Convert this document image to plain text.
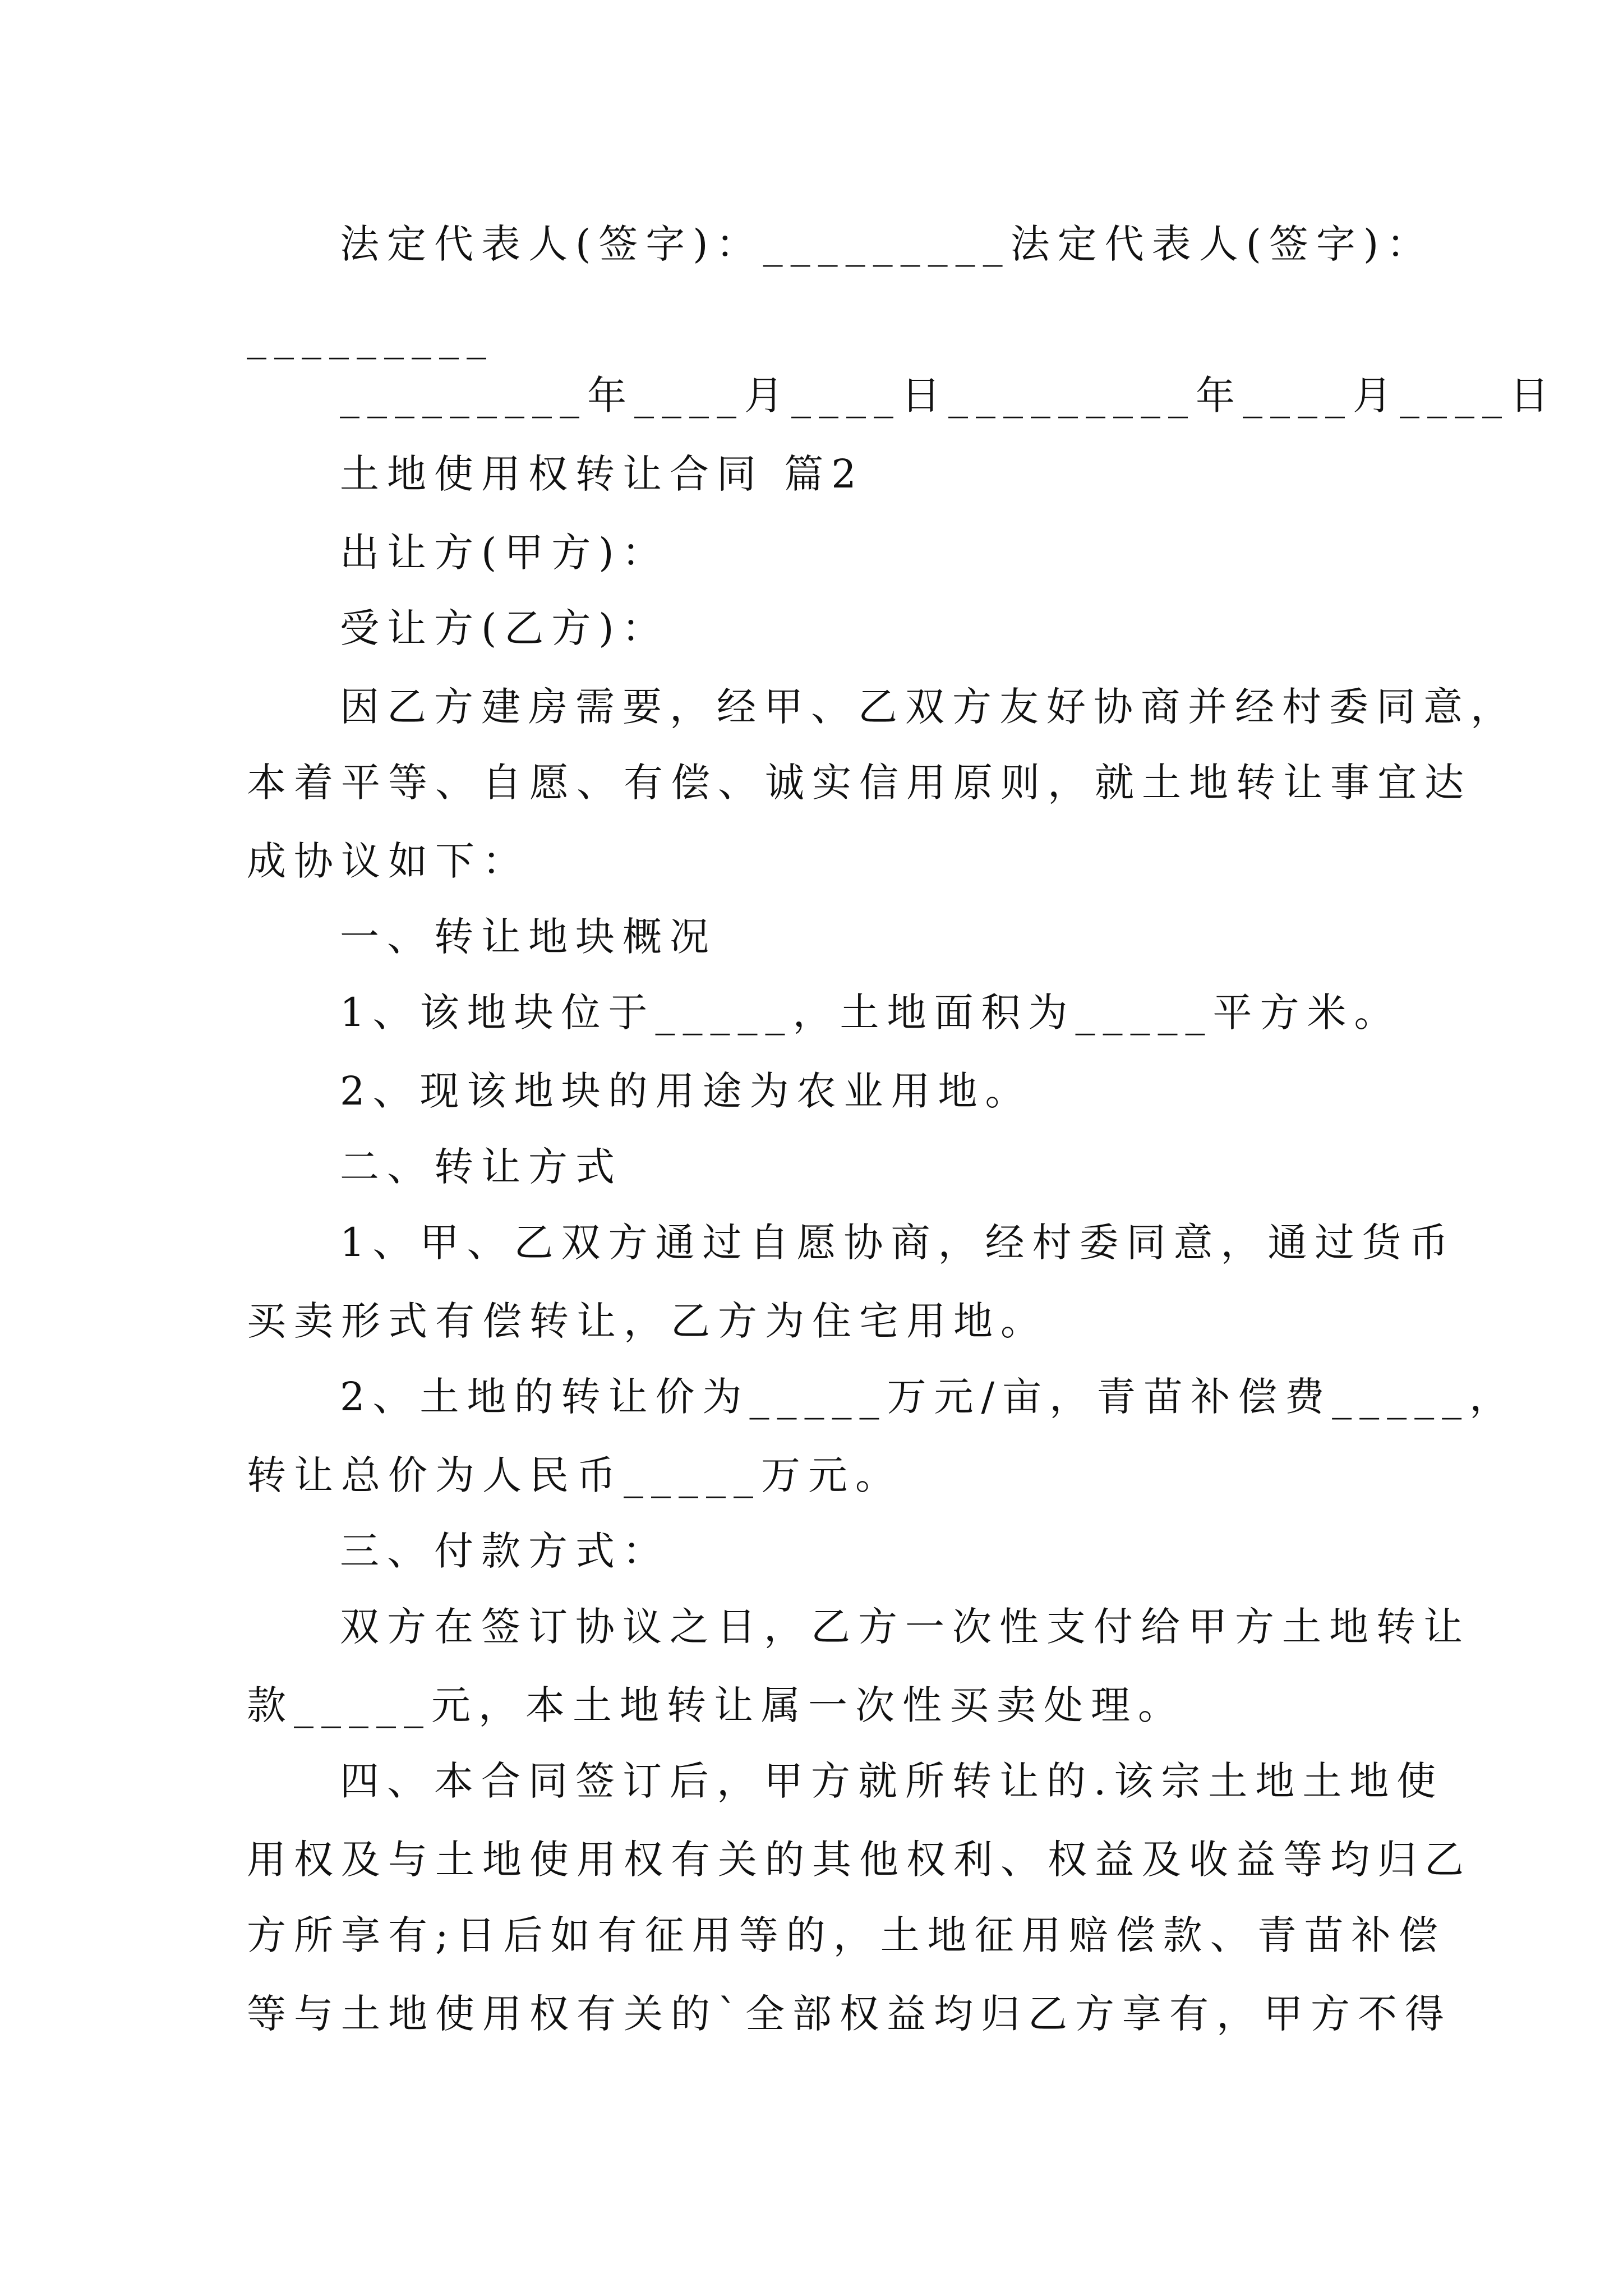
法定代表人(签字)：_________法定代表人(签字)：
_________
_________年____月____日_________年____月____日
土地使用权转让合同 篇2
出让方(甲方)：
受让方(乙方)：
因乙方建房需要，经甲、乙双方友好协商并经村委同意，
本着平等、自愿、有偿、诚实信用原则，就土地转让事宜达
成协议如下：
一、转让地块概况
1、该地块位于_____，土地面积为_____平方米。
2、现该地块的用途为农业用地。
二、转让方式
1、甲、乙双方通过自愿协商，经村委同意，通过货币
买卖形式有偿转让，乙方为住宅用地。
2、土地的转让价为_____万元/亩，青苗补偿费_____，
转让总价为人民币_____万元。
三、付款方式：
双方在签订协议之日，乙方一次性支付给甲方土地转让
款_____元，本土地转让属一次性买卖处理。
四、本合同签订后，甲方就所转让的.该宗土地土地使
用权及与土地使用权有关的其他权利、权益及收益等均归乙
方所享有;日后如有征用等的，土地征用赔偿款、青苗补偿
等与土地使用权有关的`全部权益均归乙方享有，甲方不得
